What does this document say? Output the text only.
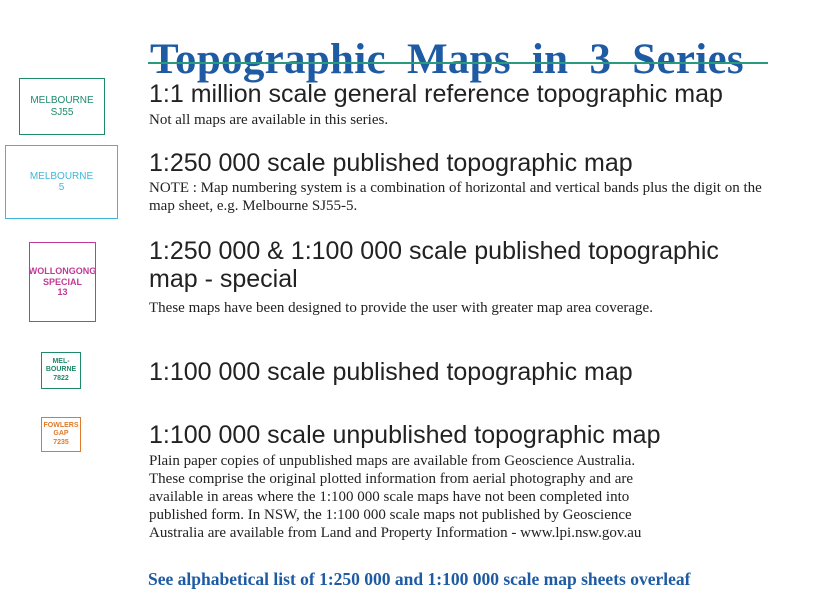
Topographic Maps in 3 Series
MELBOURNE
SJ55
1:1 million scale general reference topographic map

Not all maps are available in this series.

MELBOURNE
5
1:250 000 scale published topographic map

NOTE : Map numbering system is a combination of horizontal and vertical bands plus the digit on the map sheet, e.g. Melbourne SJ55-5.

WOLLONGONG
SPECIAL
13
1:250 000 & 1:100 000 scale published topographic
map - special

These maps have been designed to provide the user with greater map area coverage.

MEL-
BOURNE
7822	1:100 000 scale published topographic map
FOWLERS
GAP
7235	1:100 000 scale unpublished topographic map
Plain paper copies of unpublished maps are available from Geoscience Australia.
These comprise the original plotted information from aerial photography and are
available in areas where the 1:100 000 scale maps have not been completed into
published form. In NSW, the 1:100 000 scale maps not published by Geoscience
Australia are available from Land and Property Information - www.lpi.nsw.gov.au

See alphabetical list of 1:250 000 and 1:100 000 scale map sheets overleaf
